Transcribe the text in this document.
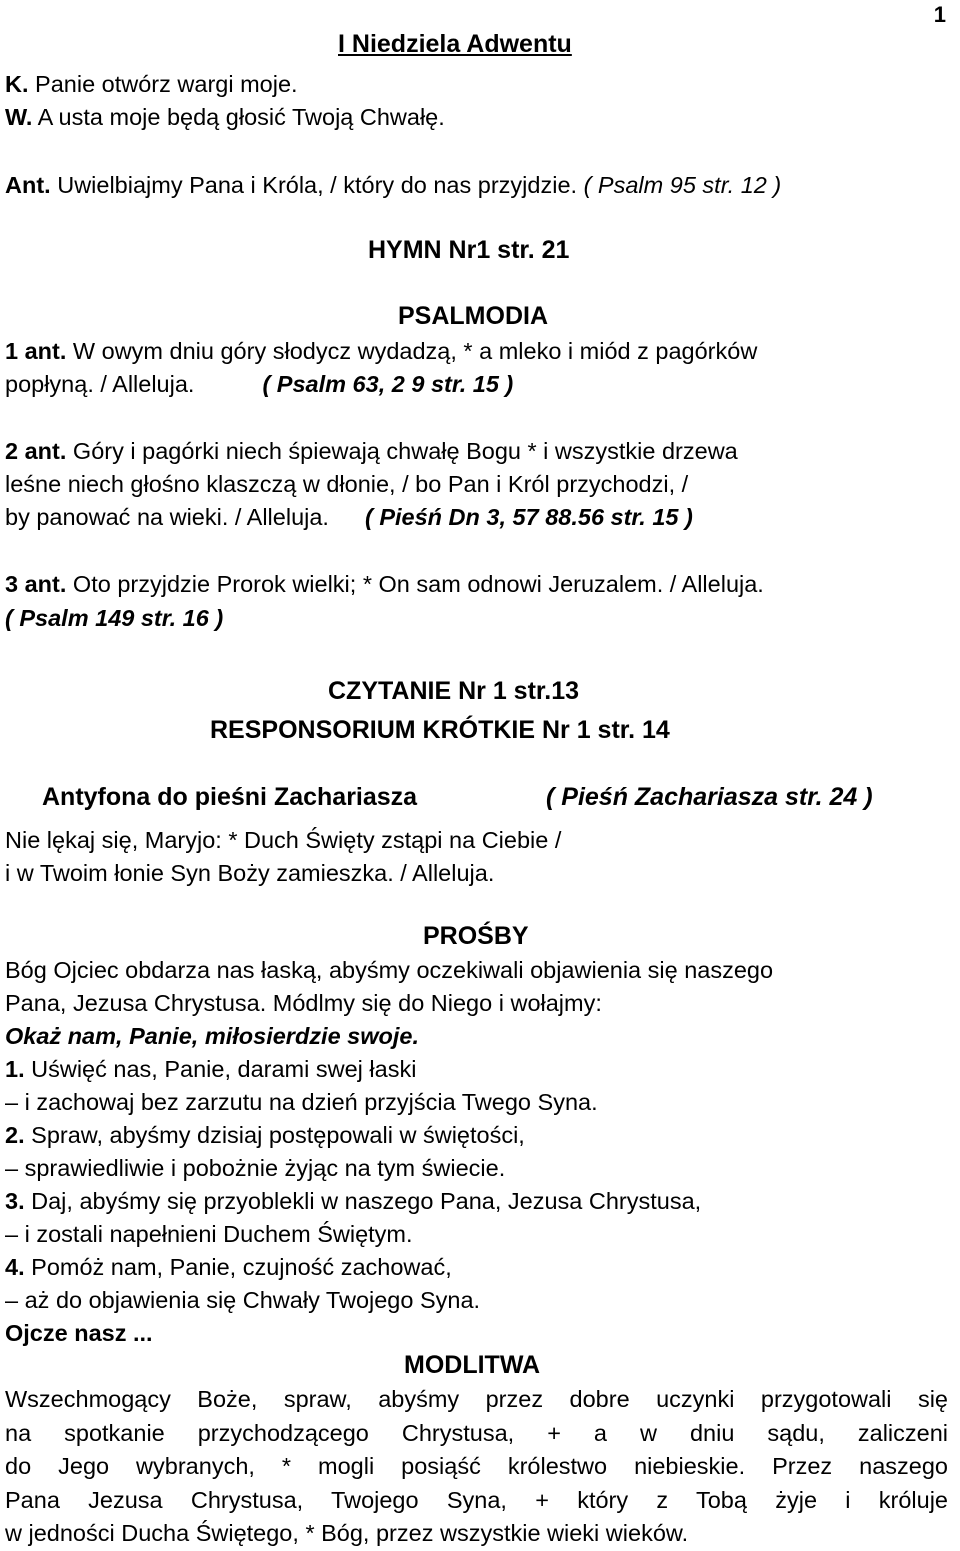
1
I Niedziela Adwentu
K. Panie otwórz wargi moje.
W. A usta moje będą głosić Twoją Chwałę.
Ant. Uwielbiajmy Pana i Króla, / który do nas przyjdzie. ( Psalm 95 str. 12 )
HYMN Nr1 str. 21
PSALMODIA
1 ant. W owym dniu góry słodycz wydadzą, * a mleko i miód z pagórków
popłyną. / Alleluja.	( Psalm 63, 2 9 str. 15 )
2 ant. Góry i pagórki niech śpiewają chwałę Bogu * i wszystkie drzewa
leśne niech głośno klaszczą w dłonie, / bo Pan i Król przychodzi, /
by panować na wieki. / Alleluja. ( Pieśń Dn 3, 57 88.56 str. 15 )
3 ant. Oto przyjdzie Prorok wielki; * On sam odnowi Jeruzalem. / Alleluja.
( Psalm 149 str. 16 )
CZYTANIE Nr 1 str.13
RESPONSORIUM KRÓTKIE Nr 1 str. 14
Antyfona do pieśni Zachariasza	( Pieśń Zachariasza str. 24 )
Nie lękaj się, Maryjo: * Duch Święty zstąpi na Ciebie /
i w Twoim łonie Syn Boży zamieszka. / Alleluja.
PROŚBY
Bóg Ojciec obdarza nas łaską, abyśmy oczekiwali objawienia się naszego
Pana, Jezusa Chrystusa. Módlmy się do Niego i wołajmy:
Okaż nam, Panie, miłosierdzie swoje.
1. Uświęć nas, Panie, darami swej łaski
– i zachowaj bez zarzutu na dzień przyjścia Twego Syna.
2. Spraw, abyśmy dzisiaj postępowali w świętości,
– sprawiedliwie i pobożnie żyjąc na tym świecie.
3. Daj, abyśmy się przyoblekli w naszego Pana, Jezusa Chrystusa,
– i zostali napełnieni Duchem Świętym.
4. Pomóż nam, Panie, czujność zachować,
– aż do objawienia się Chwały Twojego Syna.
Ojcze nasz ...
MODLITWA
Wszechmogący Boże, spraw, abyśmy przez dobre uczynki przygotowali się
na spotkanie przychodzącego Chrystusa, + a w dniu sądu, zaliczeni
do Jego wybranych, * mogli posiąść królestwo niebieskie. Przez naszego
Pana Jezusa Chrystusa, Twojego Syna, + który z Tobą żyje i króluje
w jedności Ducha Świętego, * Bóg, przez wszystkie wieki wieków.
